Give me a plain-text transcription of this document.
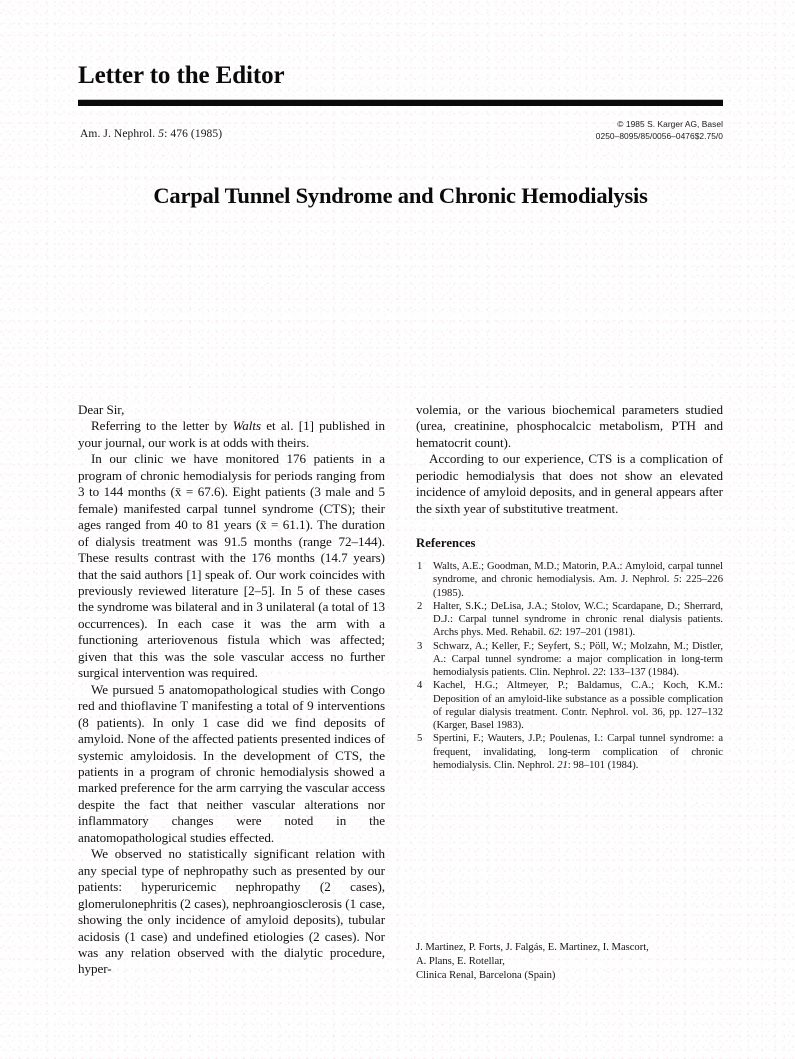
Letter to the Editor
Am. J. Nephrol. 5: 476 (1985)
© 1985 S. Karger AG, Basel
0250–8095/85/0056–0476$2.75/0
Carpal Tunnel Syndrome and Chronic Hemodialysis

Dear Sir,

Referring to the letter by Walts et al. [1] published in your journal, our work is at odds with theirs.

In our clinic we have monitored 176 patients in a program of chronic hemodialysis for periods ranging from 3 to 144 months (x̄ = 67.6). Eight patients (3 male and 5 female) manifested carpal tunnel syndrome (CTS); their ages ranged from 40 to 81 years (x̄ = 61.1). The duration of dialysis treatment was 91.5 months (range 72–144). These results contrast with the 176 months (14.7 years) that the said authors [1] speak of. Our work coincides with previously reviewed literature [2–5]. In 5 of these cases the syndrome was bilateral and in 3 unilateral (a total of 13 occurrences). In each case it was the arm with a functioning arteriovenous fistula which was affected; given that this was the sole vascular access no further surgical intervention was required.

We pursued 5 anatomopathological studies with Congo red and thioflavine T manifesting a total of 9 interventions (8 patients). In only 1 case did we find deposits of amyloid. None of the affected patients presented indices of systemic amyloidosis. In the development of CTS, the patients in a program of chronic hemodialysis showed a marked preference for the arm carrying the vascular access despite the fact that neither vascular alterations nor inflammatory changes were noted in the anatomopathological studies effected.

We observed no statistically significant relation with any special type of nephropathy such as presented by our patients: hyperuricemic nephropathy (2 cases), glomerulonephritis (2 cases), nephroangiosclerosis (1 case, showing the only incidence of amyloid deposits), tubular acidosis (1 case) and undefined etiologies (2 cases). Nor was any relation observed with the dialytic procedure, hyper-

volemia, or the various biochemical parameters studied (urea, creatinine, phosphocalcic metabolism, PTH and hematocrit count).

According to our experience, CTS is a complication of periodic hemodialysis that does not show an elevated incidence of amyloid deposits, and in general appears after the sixth year of substitutive treatment.

References
1 Walts, A.E.; Goodman, M.D.; Matorin, P.A.: Amyloid, carpal tunnel syndrome, and chronic hemodialysis. Am. J. Nephrol. 5: 225–226 (1985).
2 Halter, S.K.; DeLisa, J.A.; Stolov, W.C.; Scardapane, D.; Sherrard, D.J.: Carpal tunnel syndrome in chronic renal dialysis patients. Archs phys. Med. Rehabil. 62: 197–201 (1981).
3 Schwarz, A.; Keller, F.; Seyfert, S.; Pöll, W.; Molzahn, M.; Distler, A.: Carpal tunnel syndrome: a major complication in long-term hemodialysis patients. Clin. Nephrol. 22: 133–137 (1984).
4 Kachel, H.G.; Altmeyer, P.; Baldamus, C.A.; Koch, K.M.: Deposition of an amyloid-like substance as a possible complication of regular dialysis treatment. Contr. Nephrol. vol. 36, pp. 127–132 (Karger, Basel 1983).
5 Spertini, F.; Wauters, J.P.; Poulenas, I.: Carpal tunnel syndrome: a frequent, invalidating, long-term complication of chronic hemodialysis. Clin. Nephrol. 21: 98–101 (1984).
J. Martinez, P. Forts, J. Falgás, E. Martinez, I. Mascort,
A. Plans, E. Rotellar,
Clinica Renal, Barcelona (Spain)
